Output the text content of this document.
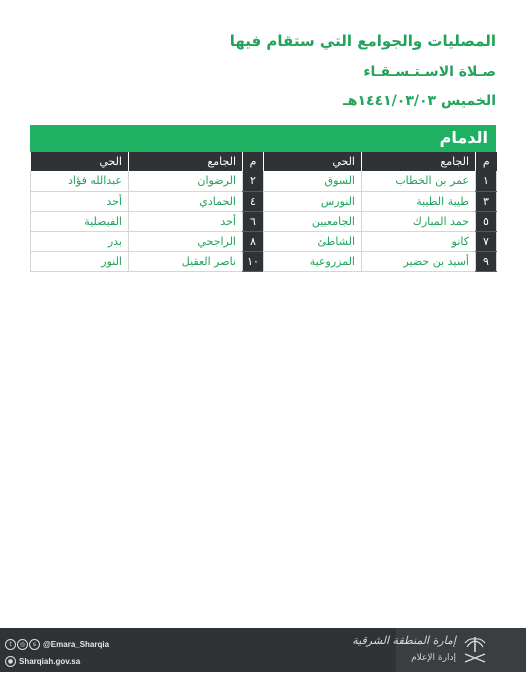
المصليات والجوامع التي ستقام فيها
صـلاة الاسـتـسـقـاء
الخميس ١٤٤١/٠٣/٠٣هـ
الدمام
م	الجامع	الحي	م	الجامع	الحي
١	عمر بن الخطاب	السوق	٢	الرضوان	عبدالله فؤاد
٣	طيبة الطيبة	النورس	٤	الحمادي	أحد
٥	حمد المبارك	الجامعيين	٦	أحد	الفيصلية
٧	كانو	الشاطئ	٨	الراجحي	بدر
٩	أسيد بن حضير	المزروعية	١٠	ناصر العقيل	النور
إمارة المنطقة الشرقية
إدارة الإعلام
t	◎	s @Emara_Sharqia
● Sharqiah.gov.sa
